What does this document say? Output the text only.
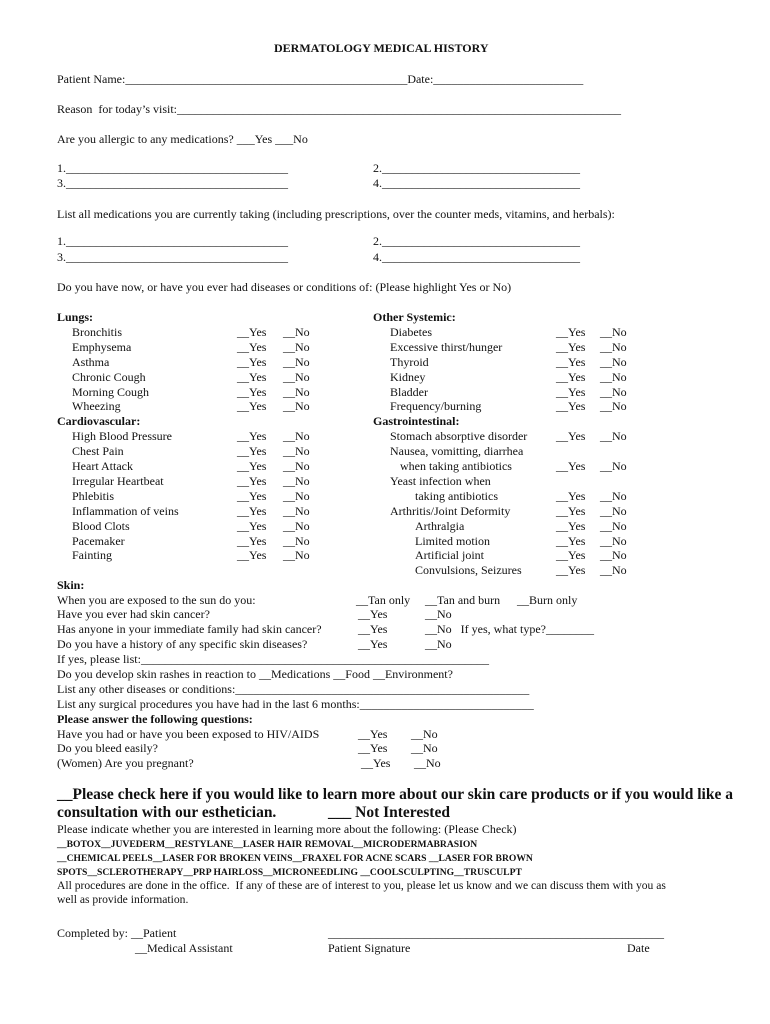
DERMATOLOGY MEDICAL HISTORY
Patient Name:_______________________________________________Date:_________________________
Reason  for today’s visit:__________________________________________________________________________
Are you allergic to any medications? ___Yes ___No
1._____________________________________	2._________________________________
3._____________________________________	4._________________________________
List all medications you are currently taking (including prescriptions, over the counter meds, vitamins, and herbals):
1._____________________________________	2._________________________________
3._____________________________________	4._________________________________
Do you have now, or have you ever had diseases or conditions of: (Please highlight Yes or No)
Lungs:
Bronchitis	__Yes __No
Emphysema	__Yes __No
Asthma	__Yes __No
Chronic Cough	__Yes __No
Morning Cough	__Yes __No
Wheezing	__Yes __No
Cardiovascular:
High Blood Pressure	__Yes __No
Chest Pain	__Yes __No
Heart Attack	__Yes __No
Irregular Heartbeat	__Yes __No
Phlebitis	__Yes __No
Inflammation of veins	__Yes __No
Blood Clots	__Yes __No
Pacemaker	__Yes __No
Fainting	__Yes __No
Other Systemic:
Diabetes	__Yes __No
Excessive thirst/hunger	__Yes __No
Thyroid	__Yes __No
Kidney	__Yes __No
Bladder	__Yes __No
Frequency/burning	__Yes __No
Gastrointestinal:
Stomach absorptive disorder __Yes __No
Nausea, vomitting, diarrhea
when taking antibiotics	__Yes __No
Yeast infection when
taking antibiotics	__Yes __No
Arthritis/Joint Deformity	__Yes __No
Arthralgia	__Yes __No
Limited motion	__Yes __No
Artificial joint	__Yes __No
Convulsions, Seizures	__Yes __No
Skin:
When you are exposed to the sun do you:	__Tan only __Tan and burn __Burn only
Have you ever had skin cancer?	__Yes	__No
Has anyone in your immediate family had skin cancer?	__Yes	__No   If yes, what type?________
Do you have a history of any specific skin diseases?	__Yes	__No
If yes, please list:__________________________________________________________
Do you develop skin rashes in reaction to __Medications __Food __Environment?
List any other diseases or conditions:_________________________________________________
List any surgical procedures you have had in the last 6 months:_____________________________
Please answer the following questions:
Have you had or have you been exposed to HIV/AIDS	__Yes __No
Do you bleed easily?	__Yes __No
(Women) Are you pregnant?	__Yes __No
__Please check here if you would like to learn more about our skin care products or if you would like a
consultation with our esthetician.	___ Not Interested
Please indicate whether you are interested in learning more about the following: (Please Check)
__BOTOX__JUVEDERM__RESTYLANE__LASER HAIR REMOVAL__MICRODERMABRASION
__CHEMICAL PEELS__LASER FOR BROKEN VEINS__FRAXEL FOR ACNE SCARS __LASER FOR BROWN
SPOTS__SCLEROTHERAPY__PRP HAIRLOSS__MICRONEEDLING __COOLSCULPTING__TRUSCULPT
All procedures are done in the office.  If any of these are of interest to you, please let us know and we can discuss them with you as
well as provide information.
Completed by: __Patient
__Medical Assistant
________________________________________________________
Patient Signature	Date
